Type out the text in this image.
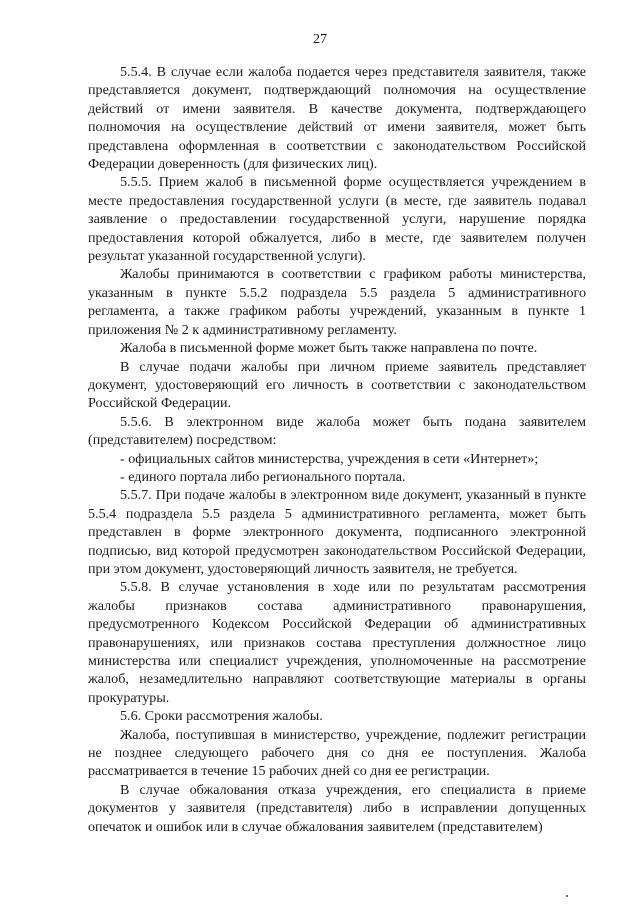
27

5.5.4. В случае если жалоба подается через представителя заявителя, также представляется документ, подтверждающий полномочия на осуществление действий от имени заявителя. В качестве документа, подтверждающего полномочия на осуществление действий от имени заявителя, может быть представлена оформленная в соответствии с законодательством Российской Федерации доверенность (для физических лиц).

5.5.5. Прием жалоб в письменной форме осуществляется учреждением в месте предоставления государственной услуги (в месте, где заявитель подавал заявление о предоставлении государственной услуги, нарушение порядка предоставления которой обжалуется, либо в месте, где заявителем получен результат указанной государственной услуги).

Жалобы принимаются в соответствии с графиком работы министерства, указанным в пункте 5.5.2 подраздела 5.5 раздела 5 административного регламента, а также графиком работы учреждений, указанным в пункте 1 приложения № 2 к административному регламенту.

Жалоба в письменной форме может быть также направлена по почте.

В случае подачи жалобы при личном приеме заявитель представляет документ, удостоверяющий его личность в соответствии с законодательством Российской Федерации.

5.5.6. В электронном виде жалоба может быть подана заявителем (представителем) посредством:

- официальных сайтов министерства, учреждения в сети «Интернет»;

- единого портала либо регионального портала.

5.5.7. При подаче жалобы в электронном виде документ, указанный в пункте 5.5.4 подраздела 5.5 раздела 5 административного регламента, может быть представлен в форме электронного документа, подписанного электронной подписью, вид которой предусмотрен законодательством Российской Федерации, при этом документ, удостоверяющий личность заявителя, не требуется.

5.5.8. В случае установления в ходе или по результатам рассмотрения жалобы признаков состава административного правонарушения, предусмотренного Кодексом Российской Федерации об административных правонарушениях, или признаков состава преступления должностное лицо министерства или специалист учреждения, уполномоченные на рассмотрение жалоб, незамедлительно направляют соответствующие материалы в органы прокуратуры.

5.6. Сроки рассмотрения жалобы.

Жалоба, поступившая в министерство, учреждение, подлежит регистрации не позднее следующего рабочего дня со дня ее поступления. Жалоба рассматривается в течение 15 рабочих дней со дня ее регистрации.

В случае обжалования отказа учреждения, его специалиста в приеме документов у заявителя (представителя) либо в исправлении допущенных опечаток и ошибок или в случае обжалования заявителем (представителем)
